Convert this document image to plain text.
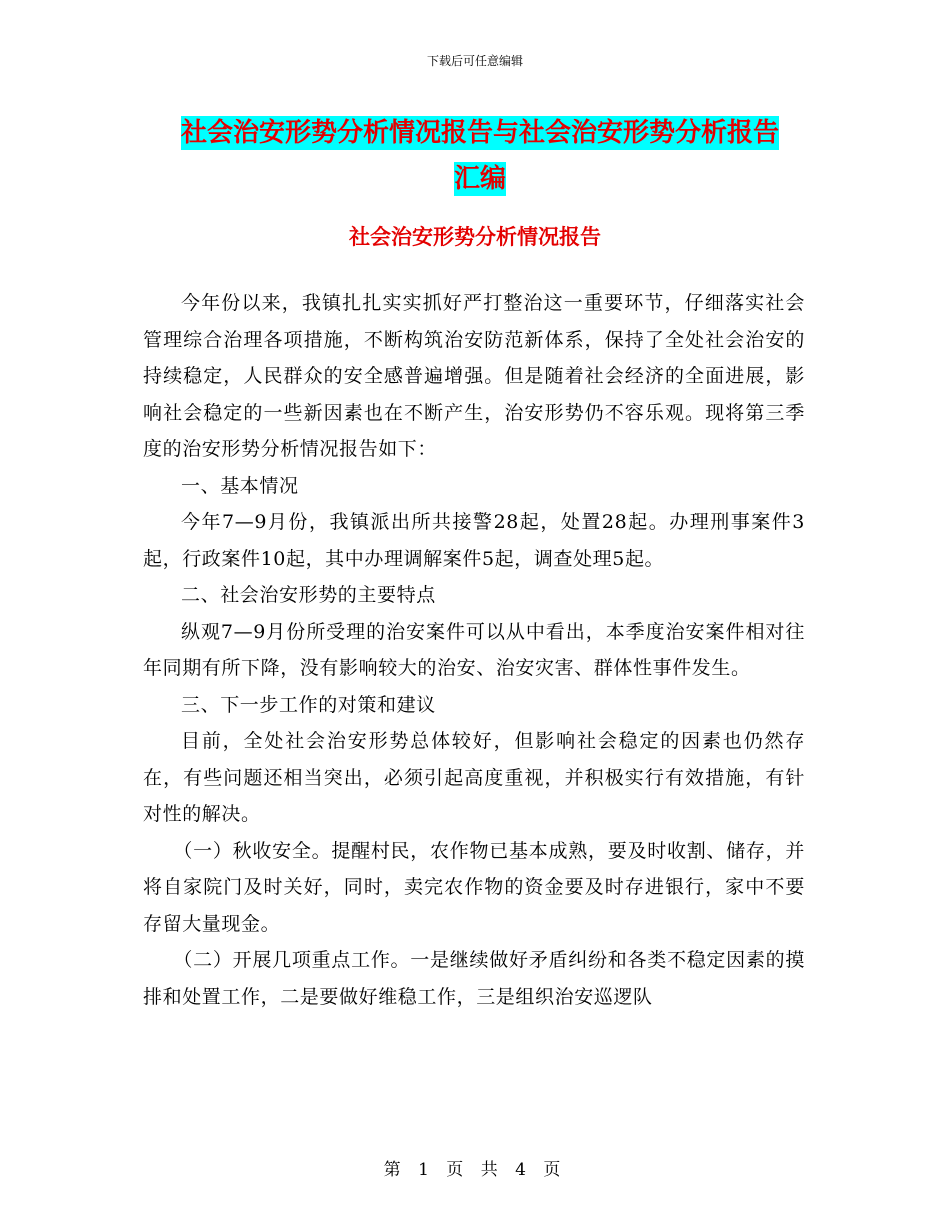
下载后可任意编辑
社会治安形势分析情况报告与社会治安形势分析报告
汇编
社会治安形势分析情况报告

今年份以来，我镇扎扎实实抓好严打整治这一重要环节，仔细落实社会管理综合治理各项措施，不断构筑治安防范新体系，保持了全处社会治安的持续稳定，人民群众的安全感普遍增强。但是随着社会经济的全面进展，影响社会稳定的一些新因素也在不断产生，治安形势仍不容乐观。现将第三季度的治安形势分析情况报告如下：

一、基本情况

今年7—9月份，我镇派出所共接警28起，处置28起。办理刑事案件3起，行政案件10起，其中办理调解案件5起，调查处理5起。

二、社会治安形势的主要特点

纵观7—9月份所受理的治安案件可以从中看出，本季度治安案件相对往年同期有所下降，没有影响较大的治安、治安灾害、群体性事件发生。

三、下一步工作的对策和建议

目前，全处社会治安形势总体较好，但影响社会稳定的因素也仍然存在，有些问题还相当突出，必须引起高度重视，并积极实行有效措施，有针对性的解决。

（一）秋收安全。提醒村民，农作物已基本成熟，要及时收割、储存，并将自家院门及时关好，同时，卖完农作物的资金要及时存进银行，家中不要存留大量现金。

（二）开展几项重点工作。一是继续做好矛盾纠纷和各类不稳定因素的摸排和处置工作，二是要做好维稳工作，三是组织治安巡逻队

第 1 页 共 4 页
